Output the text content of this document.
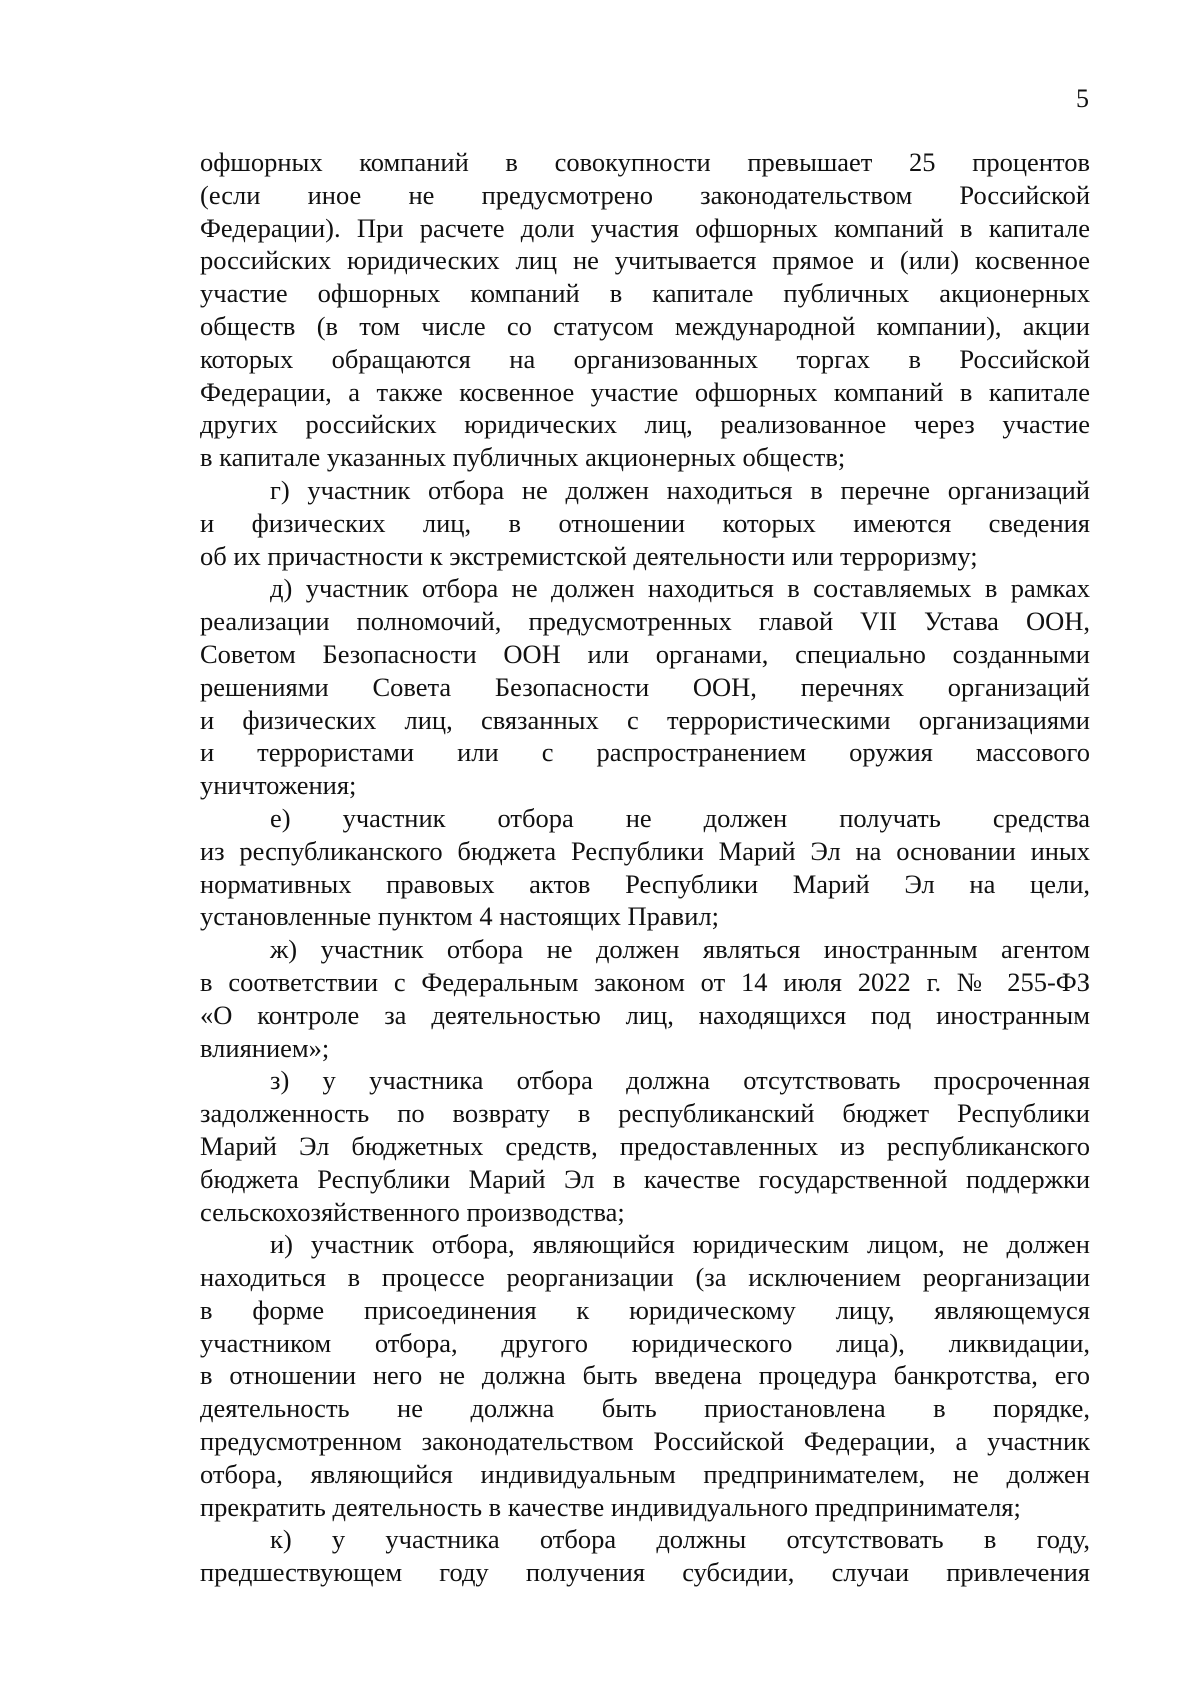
5
офшорных компаний в совокупности превышает 25 процентов
(если иное не предусмотрено законодательством Российской
Федерации). При расчете доли участия офшорных компаний в капитале
российских юридических лиц не учитывается прямое и (или) косвенное
участие офшорных компаний в капитале публичных акционерных
обществ (в том числе со статусом международной компании), акции
которых обращаются на организованных торгах в Российской
Федерации, а также косвенное участие офшорных компаний в капитале
других российских юридических лиц, реализованное через участие
в капитале указанных публичных акционерных обществ;
г) участник отбора не должен находиться в перечне организаций
и физических лиц, в отношении которых имеются сведения
об их причастности к экстремистской деятельности или терроризму;
д) участник отбора не должен находиться в составляемых в рамках
реализации полномочий, предусмотренных главой VII Устава ООН,
Советом Безопасности ООН или органами, специально созданными
решениями Совета Безопасности ООН, перечнях организаций
и физических лиц, связанных с террористическими организациями
и террористами или с распространением оружия массового
уничтожения;
е) участник отбора не должен получать средства
из республиканского бюджета Республики Марий Эл на основании иных
нормативных правовых актов Республики Марий Эл на цели,
установленные пунктом 4 настоящих Правил;
ж) участник отбора не должен являться иностранным агентом
в соответствии с Федеральным законом от 14 июля 2022 г. № 255-ФЗ
«О контроле за деятельностью лиц, находящихся под иностранным
влиянием»;
з) у участника отбора должна отсутствовать просроченная
задолженность по возврату в республиканский бюджет Республики
Марий Эл бюджетных средств, предоставленных из республиканского
бюджета Республики Марий Эл в качестве государственной поддержки
сельскохозяйственного производства;
и) участник отбора, являющийся юридическим лицом, не должен
находиться в процессе реорганизации (за исключением реорганизации
в форме присоединения к юридическому лицу, являющемуся
участником отбора, другого юридического лица), ликвидации,
в отношении него не должна быть введена процедура банкротства, его
деятельность не должна быть приостановлена в порядке,
предусмотренном законодательством Российской Федерации, а участник
отбора, являющийся индивидуальным предпринимателем, не должен
прекратить деятельность в качестве индивидуального предпринимателя;
к) у участника отбора должны отсутствовать в году,
предшествующем году получения субсидии, случаи привлечения
